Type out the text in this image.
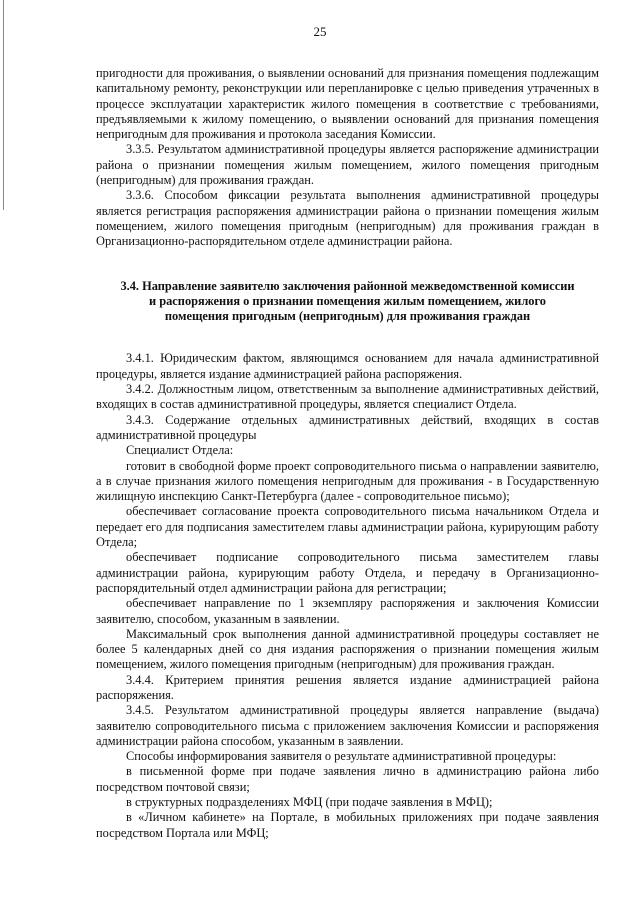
25

пригодности для проживания, о выявлении оснований для признания помещения подлежащим капитальному ремонту, реконструкции или перепланировке с целью приведения утраченных в процессе эксплуатации характеристик жилого помещения в соответствие с требованиями, предъявляемыми к жилому помещению, о выявлении оснований для признания помещения непригодным для проживания и протокола заседания Комиссии.

3.3.5. Результатом административной процедуры является распоряжение администрации района о признании помещения жилым помещением, жилого помещения пригодным (непригодным) для проживания граждан.

3.3.6. Способом фиксации результата выполнения административной процедуры является регистрация распоряжения администрации района о признании помещения жилым помещением, жилого помещения пригодным (непригодным) для проживания граждан в Организационно-распорядительном отделе администрации района.

3.4. Направление заявителю заключения районной межведомственной комиссии и распоряжения о признании помещения жилым помещением, жилого помещения пригодным (непригодным) для проживания граждан

3.4.1. Юридическим фактом, являющимся основанием для начала административной процедуры, является издание администрацией района распоряжения.

3.4.2. Должностным лицом, ответственным за выполнение административных действий, входящих в состав административной процедуры, является специалист Отдела.

3.4.3. Содержание отдельных административных действий, входящих в состав административной процедуры

Специалист Отдела:

готовит в свободной форме проект сопроводительного письма о направлении заявителю, а в случае признания жилого помещения непригодным для проживания - в Государственную жилищную инспекцию Санкт-Петербурга (далее - сопроводительное письмо);

обеспечивает согласование проекта сопроводительного письма начальником Отдела и передает его для подписания заместителем главы администрации района, курирующим работу Отдела;

обеспечивает подписание сопроводительного письма заместителем главы администрации района, курирующим работу Отдела, и передачу в Организационно-распорядительный отдел администрации района для регистрации;

обеспечивает направление по 1 экземпляру распоряжения и заключения Комиссии заявителю, способом, указанным в заявлении.

Максимальный срок выполнения данной административной процедуры составляет не более 5 календарных дней со дня издания распоряжения о признании помещения жилым помещением, жилого помещения пригодным (непригодным) для проживания граждан.

3.4.4. Критерием принятия решения является издание администрацией района распоряжения.

3.4.5. Результатом административной процедуры является направление (выдача) заявителю сопроводительного письма с приложением заключения Комиссии и распоряжения администрации района способом, указанным в заявлении.

Способы информирования заявителя о результате административной процедуры:

в письменной форме при подаче заявления лично в администрацию района либо посредством почтовой связи;

в структурных подразделениях МФЦ (при подаче заявления в МФЦ);

в «Личном кабинете» на Портале, в мобильных приложениях при подаче заявления посредством Портала или МФЦ;
